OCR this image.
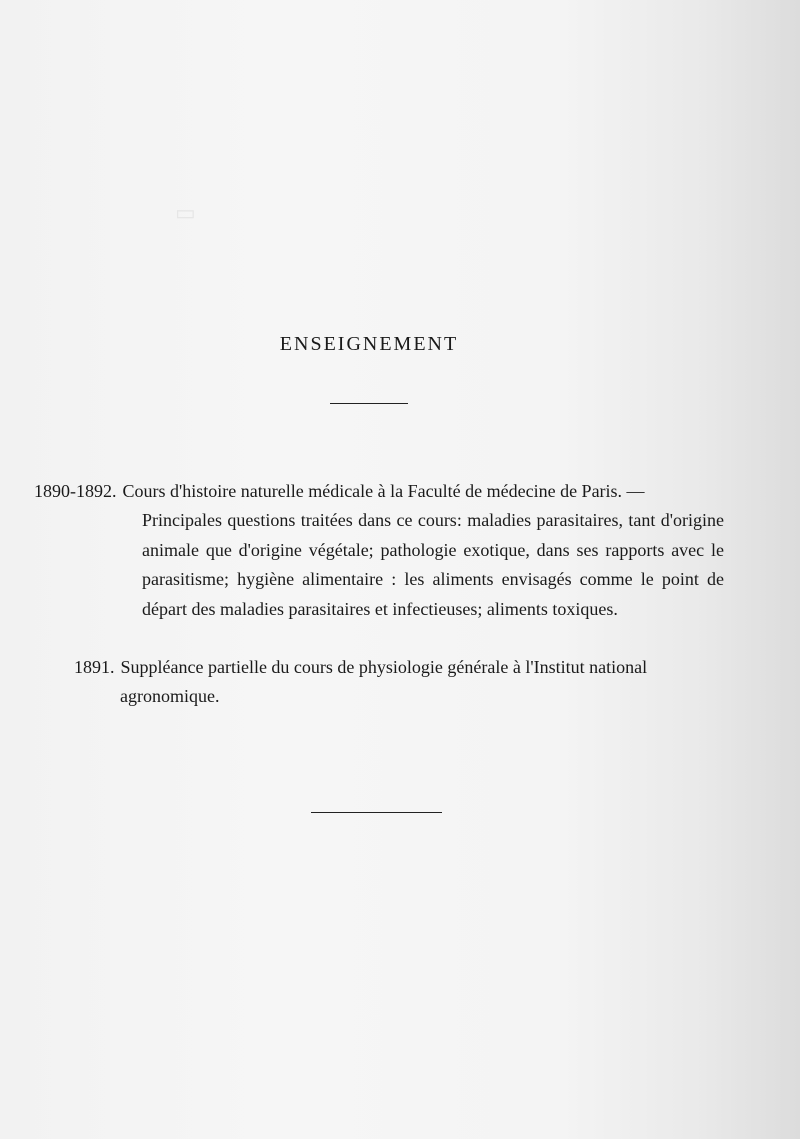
▭
ENSEIGNEMENT
1890-1892. Cours d'histoire naturelle médicale à la Faculté de médecine de Paris. —
Principales questions traitées dans ce cours: maladies parasitaires, tant d'origine animale que d'origine végétale; pathologie exotique, dans ses rapports avec le parasitisme; hygiène alimentaire : les aliments envisagés comme le point de départ des maladies parasitaires et infectieuses; aliments toxiques.
1891. Suppléance partielle du cours de physiologie générale à l'Institut national
agronomique.
